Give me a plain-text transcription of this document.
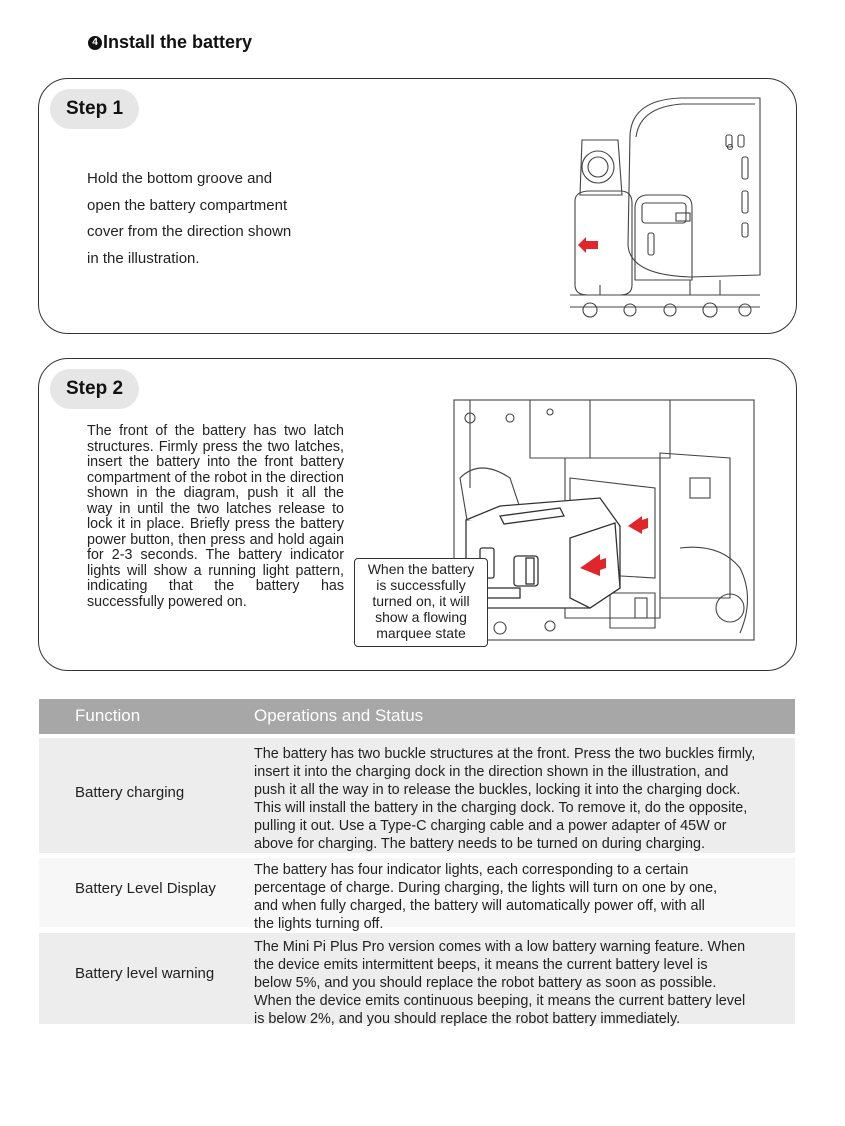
4 Install the battery
Step 1
Hold the bottom groove and
open the battery compartment
cover from the direction shown
in the illustration.
Step 2
The front of the battery has two latch structures. Firmly press the two latches, insert the battery into the front battery compartment of the robot in the direction shown in the diagram, push it all the way in until the two latches release to lock it in place. Briefly press the battery power button, then press and hold again for 2-3 seconds. The battery indicator lights will show a running light pattern, indicating that the battery has successfully powered on.
When the battery
is successfully
turned on, it will
show a flowing
marquee state
Function	Operations and Status
Battery charging
The battery has two buckle structures at the front. Press the two buckles firmly,
insert it into the charging dock in the direction shown in the illustration, and
push it all the way in to release the buckles, locking it into the charging dock.
This will install the battery in the charging dock. To remove it, do the opposite,
pulling it out. Use a Type-C charging cable and a power adapter of 45W or
above for charging. The battery needs to be turned on during charging.
Battery Level Display
The battery has four indicator lights, each corresponding to a certain
percentage of charge. During charging, the lights will turn on one by one,
and when fully charged, the battery will automatically power off, with all
the lights turning off.
Battery level warning
The Mini Pi Plus Pro version comes with a low battery warning feature. When
the device emits intermittent beeps, it means the current battery level is
below 5%, and you should replace the robot battery as soon as possible.
When the device emits continuous beeping, it means the current battery level
is below 2%, and you should replace the robot battery immediately.
